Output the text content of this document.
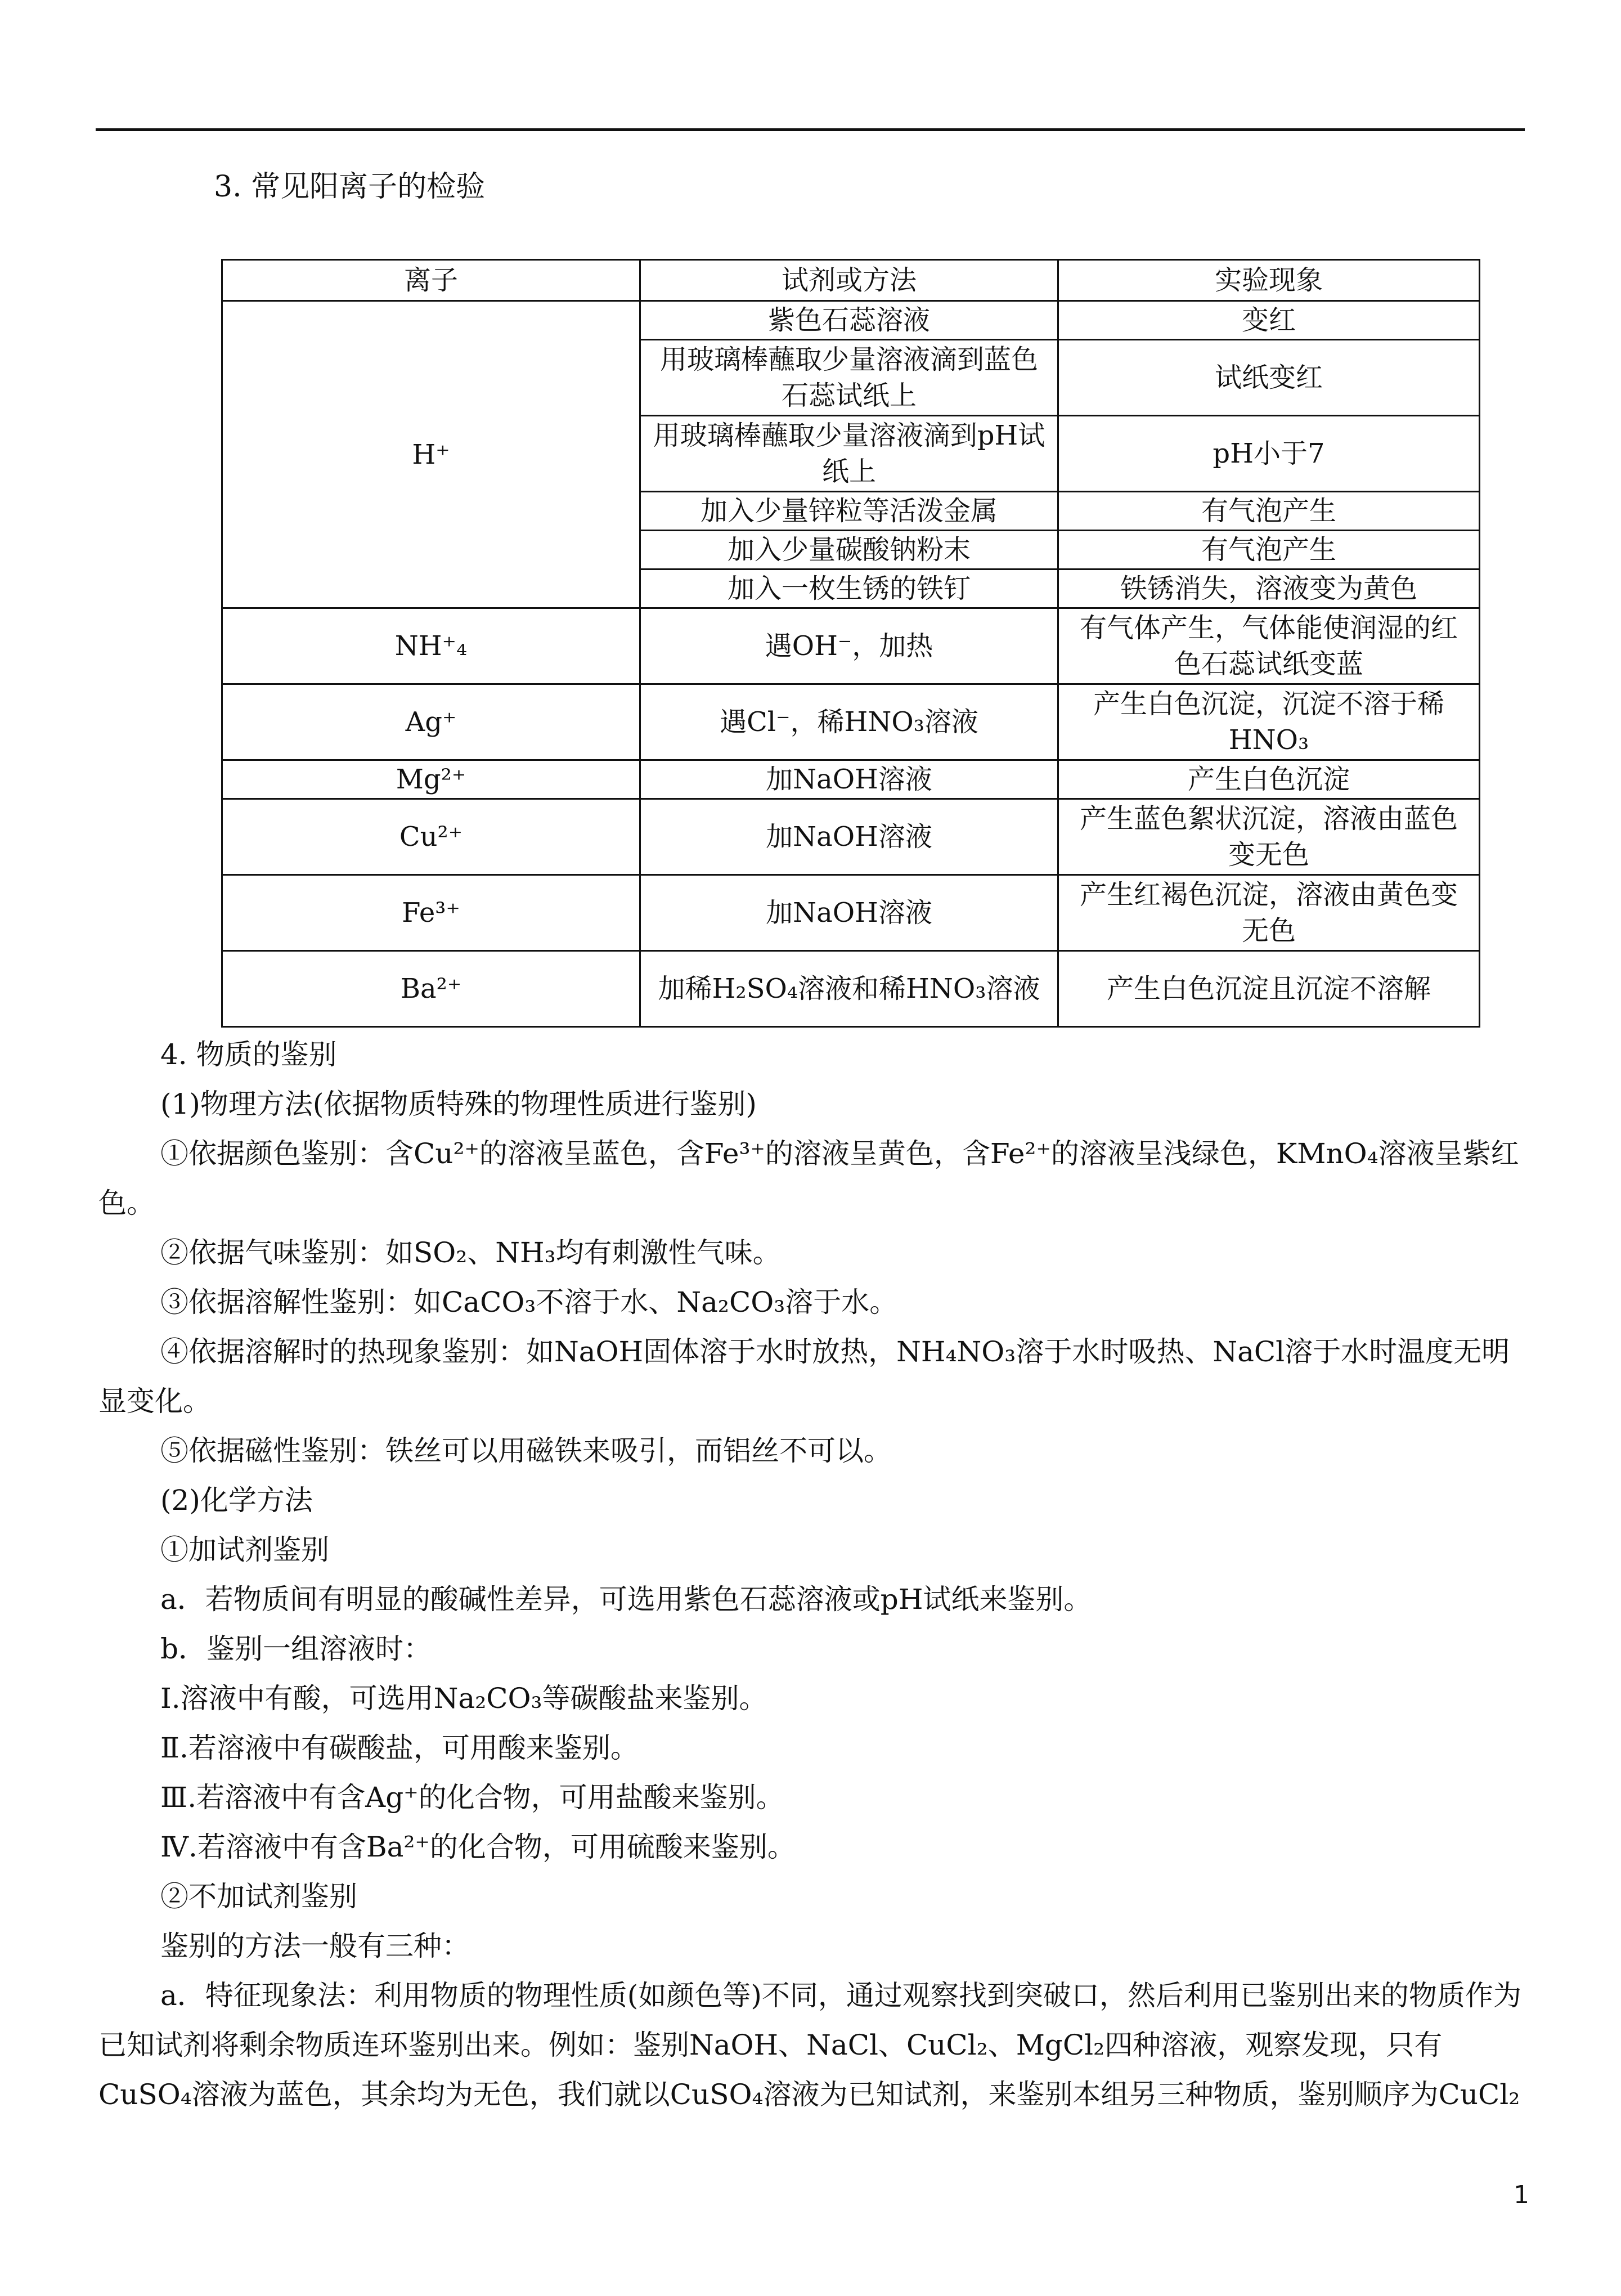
3. 常见阳离子的检验
离子	试剂或方法	实验现象
H⁺	紫色石蕊溶液	变红
	用玻璃棒蘸取少量溶液滴到蓝色石蕊试纸上	试纸变红
	用玻璃棒蘸取少量溶液滴到pH试纸上	pH小于7
	加入少量锌粒等活泼金属	有气泡产生
	加入少量碳酸钠粉末	有气泡产生
	加入一枚生锈的铁钉	铁锈消失，溶液变为黄色
NH⁺₄	遇OH⁻，加热	有气体产生，气体能使润湿的红色石蕊试纸变蓝
Ag⁺	遇Cl⁻，稀HNO₃溶液	产生白色沉淀，沉淀不溶于稀HNO₃
Mg²⁺	加NaOH溶液	产生白色沉淀
Cu²⁺	加NaOH溶液	产生蓝色絮状沉淀，溶液由蓝色变无色
Fe³⁺	加NaOH溶液	产生红褐色沉淀，溶液由黄色变无色
Ba²⁺	加稀H₂SO₄溶液和稀HNO₃溶液	产生白色沉淀且沉淀不溶解

4. 物质的鉴别

(1)物理方法(依据物质特殊的物理性质进行鉴别)

①依据颜色鉴别：含Cu²⁺的溶液呈蓝色，含Fe³⁺的溶液呈黄色，含Fe²⁺的溶液呈浅绿色，KMnO₄溶液呈紫红色。

②依据气味鉴别：如SO₂、NH₃均有刺激性气味。

③依据溶解性鉴别：如CaCO₃不溶于水、Na₂CO₃溶于水。

④依据溶解时的热现象鉴别：如NaOH固体溶于水时放热，NH₄NO₃溶于水时吸热、NaCl溶于水时温度无明显变化。

⑤依据磁性鉴别：铁丝可以用磁铁来吸引，而铝丝不可以。

(2)化学方法

①加试剂鉴别

a．若物质间有明显的酸碱性差异，可选用紫色石蕊溶液或pH试纸来鉴别。

b．鉴别一组溶液时：

Ⅰ.溶液中有酸，可选用Na₂CO₃等碳酸盐来鉴别。

Ⅱ.若溶液中有碳酸盐，可用酸来鉴别。

Ⅲ.若溶液中有含Ag⁺的化合物，可用盐酸来鉴别。

Ⅳ.若溶液中有含Ba²⁺的化合物，可用硫酸来鉴别。

②不加试剂鉴别

鉴别的方法一般有三种：

a．特征现象法：利用物质的物理性质(如颜色等)不同，通过观察找到突破口，然后利用已鉴别出来的物质作为已知试剂将剩余物质连环鉴别出来。例如：鉴别NaOH、NaCl、CuCl₂、MgCl₂四种溶液，观察发现，只有CuSO₄溶液为蓝色，其余均为无色，我们就以CuSO₄溶液为已知试剂，来鉴别本组另三种物质，鉴别顺序为CuCl₂

1
